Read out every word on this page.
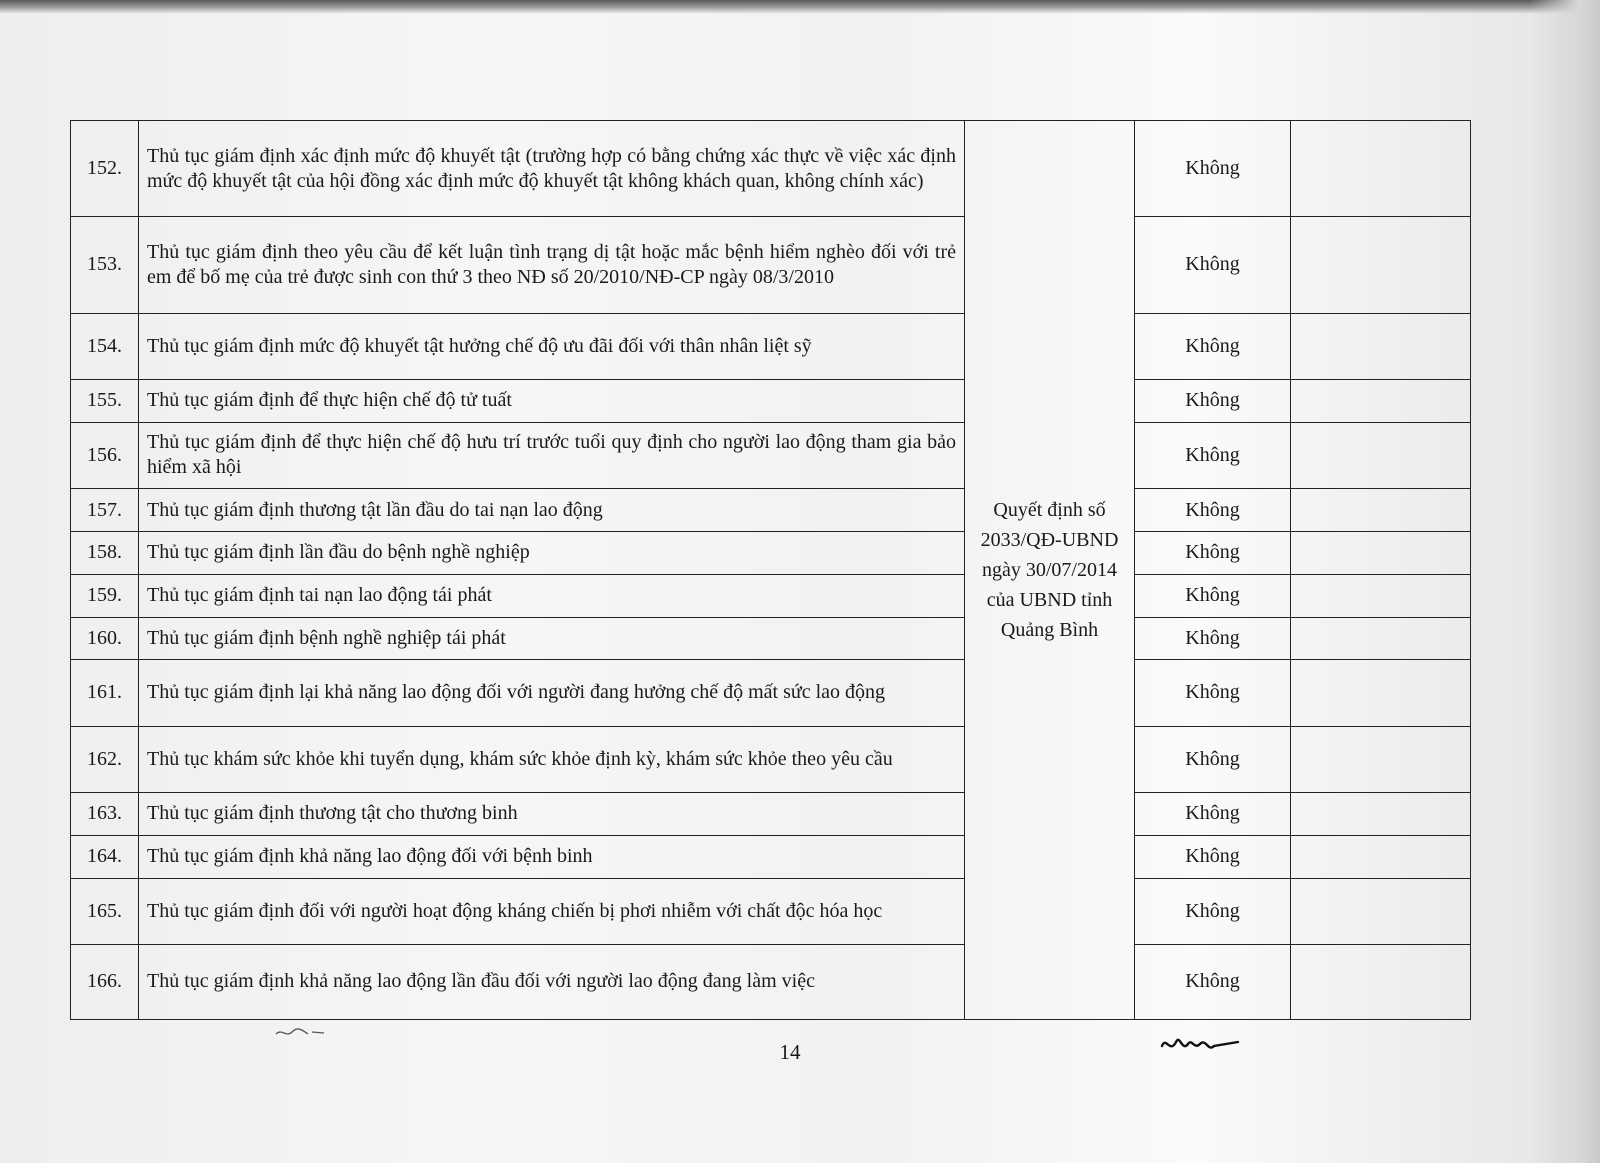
152.	Thủ tục giám định xác định mức độ khuyết tật (trường hợp có bằng chứng xác thực về việc xác định mức độ khuyết tật của hội đồng xác định mức độ khuyết tật không khách quan, không chính xác)	Quyết định số
2033/QĐ-UBND
ngày 30/07/2014
của UBND tỉnh
Quảng Bình	Không	
153.	Thủ tục giám định theo yêu cầu để kết luận tình trạng dị tật hoặc mắc bệnh hiểm nghèo đối với trẻ em để bố mẹ của trẻ được sinh con thứ 3 theo NĐ số 20/2010/NĐ-CP ngày 08/3/2010		Không	
154.	Thủ tục giám định mức độ khuyết tật hưởng chế độ ưu đãi đối với thân nhân liệt sỹ		Không	
155.	Thủ tục giám định để thực hiện chế độ tử tuất		Không	
156.	Thủ tục giám định để thực hiện chế độ hưu trí trước tuổi quy định cho người lao động tham gia bảo hiểm xã hội		Không	
157.	Thủ tục giám định thương tật lần đầu do tai nạn lao động		Không	
158.	Thủ tục giám định lần đầu do bệnh nghề nghiệp		Không	
159.	Thủ tục giám định tai nạn lao động tái phát		Không	
160.	Thủ tục giám định bệnh nghề nghiệp tái phát		Không	
161.	Thủ tục giám định lại khả năng lao động đối với người đang hưởng chế độ mất sức lao động		Không	
162.	Thủ tục khám sức khỏe khi tuyển dụng, khám sức khỏe định kỳ, khám sức khỏe theo yêu cầu		Không	
163.	Thủ tục giám định thương tật cho thương binh		Không	
164.	Thủ tục giám định khả năng lao động đối với bệnh binh		Không	
165.	Thủ tục giám định đối với người hoạt động kháng chiến bị phơi nhiễm với chất độc hóa học		Không	
166.	Thủ tục giám định khả năng lao động lần đầu đối với người lao động đang làm việc		Không	
14
